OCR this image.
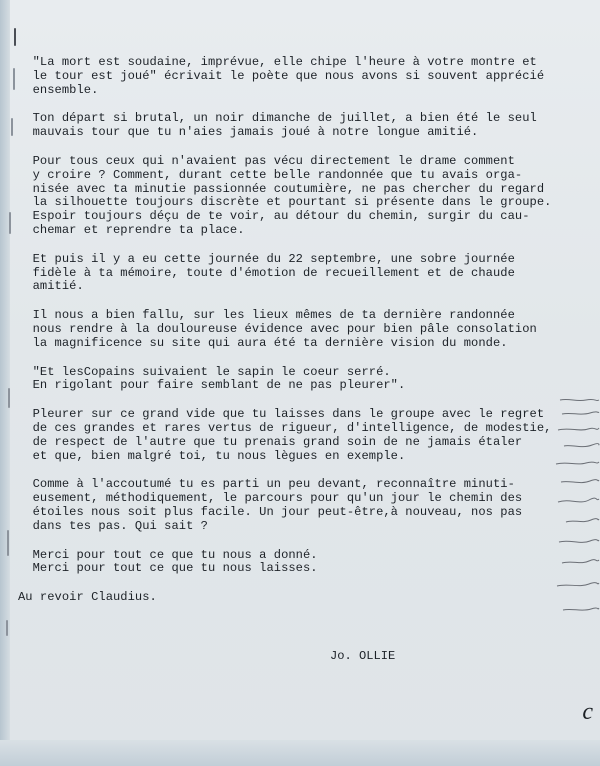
"La mort est soudaine, imprévue, elle chipe l'heure à votre montre et
le tour est joué" écrivait le poète que nous avons si souvent apprécié
ensemble.
Ton départ si brutal, un noir dimanche de juillet, a bien été le seul
mauvais tour que tu n'aies jamais joué à notre longue amitié.
Pour tous ceux qui n'avaient pas vécu directement le drame comment
y croire ? Comment, durant cette belle randonnée que tu avais orga-
nisée avec ta minutie passionnée coutumière, ne pas chercher du regard
la silhouette toujours discrète et pourtant si présente dans le groupe.
Espoir toujours déçu de te voir, au détour du chemin, surgir du cau-
chemar et reprendre ta place.
Et puis il y a eu cette journée du 22 septembre, une sobre journée
fidèle à ta mémoire, toute d'émotion de recueillement et de chaude
amitié.
Il nous a bien fallu, sur les lieux mêmes de ta dernière randonnée
nous rendre à la douloureuse évidence avec pour bien pâle consolation
la magnificence su site qui aura été ta dernière vision du monde.
"Et lesCopains suivaient le sapin le coeur serré.
En rigolant pour faire semblant de ne pas pleurer".
Pleurer sur ce grand vide que tu laisses dans le groupe avec le regret
de ces grandes et rares vertus de rigueur, d'intelligence, de modestie,
de respect de l'autre que tu prenais grand soin de ne jamais étaler
et que, bien malgré toi, tu nous lègues en exemple.
Comme à l'accoutumé tu es parti un peu devant, reconnaître minuti-
eusement, méthodiquement, le parcours pour qu'un jour le chemin des
étoiles nous soit plus facile. Un jour peut-être,à nouveau, nos pas
dans tes pas. Qui sait ?
Merci pour tout ce que tu nous a donné.
Merci pour tout ce que tu nous laisses.
Au revoir Claudius.
Jo. OLLIE
c
